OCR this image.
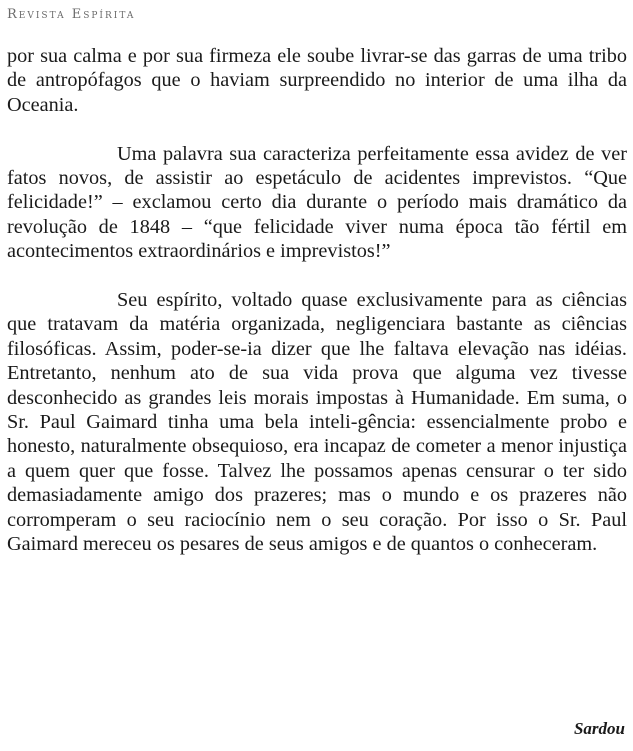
Revista Espírita

por sua calma e por sua firmeza ele soube livrar-se das garras de uma tribo de antropófagos que o haviam surpreendido no interior de uma ilha da Oceania.

Uma palavra sua caracteriza perfeitamente essa avidez de ver fatos novos, de assistir ao espetáculo de acidentes imprevistos. “Que felicidade!” – exclamou certo dia durante o período mais dramático da revolução de 1848 – “que felicidade viver numa época tão fértil em acontecimentos extraordinários e imprevistos!”

Seu espírito, voltado quase exclusivamente para as ciências que tratavam da matéria organizada, negligenciara bastante as ciências filosóficas. Assim, poder-se-ia dizer que lhe faltava elevação nas idéias. Entretanto, nenhum ato de sua vida prova que alguma vez tivesse desconhecido as grandes leis morais impostas à Humanidade. Em suma, o Sr. Paul Gaimard tinha uma bela inteli-gência: essencialmente probo e honesto, naturalmente obsequioso, era incapaz de cometer a menor injustiça a quem quer que fosse. Talvez lhe possamos apenas censurar o ter sido demasiadamente amigo dos prazeres; mas o mundo e os prazeres não corromperam o seu raciocínio nem o seu coração. Por isso o Sr. Paul Gaimard mereceu os pesares de seus amigos e de quantos o conheceram.

Sardou
